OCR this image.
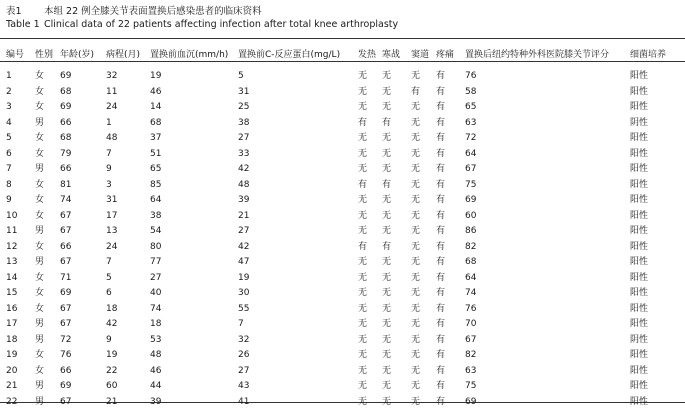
表1 本组 22 例全膝关节表面置换后感染患者的临床资料
Table 1 Clinical data of 22 patients affecting infection after total knee arthroplasty
编号 性别 年龄(岁) 病程(月) 置换前血沉(mm/h) 置换前C-反应蛋白(mg/L) 发热 寒战 窦道 疼痛 置换后纽约特种外科医院膝关节评分 细菌培养
1	女 69	32	19	5	无 无 无 有 76	阳性
2	女 68	11	46	31	无 无 有 有 58	阳性
3	女 69	24	14	25	无 无 无 有 65	阳性
4	男 66	1	68	38	有 有 无 有 63	阴性
5	女 68	48	37	27	无 无 无 有 72	阳性
6	女 79	7	51	33	无 无 无 有 64	阳性
7	男 66	9	65	42	无 无 无 有 67	阳性
8	女 81	3	85	48	有 有 无 有 75	阳性
9	女 74	31	64	39	无 无 无 有 69	阳性
10 女 67	17	38	21	无 无 无 有 60	阳性
11 男 67	13	54	27	无 无 无 有 86	阳性
12 女 66	24	80	42	有 有 无 有 82	阳性
13 男 67	7	77	47	无 无 无 有 68	阳性
14 女 71	5	27	19	无 无 无 有 64	阳性
15 女 69	6	40	30	无 无 无 有 74	阳性
16 女 67	18	74	55	无 无 无 有 76	阳性
17 男 67	42	18	7	无 无 无 有 70	阳性
18 男 72	9	53	32	无 无 无 有 67	阴性
19 女 76	19	48	26	无 无 无 有 82	阳性
20 女 66	22	46	27	无 无 无 有 63	阳性
21 男 69	60	44	43	无 无 无 有 75	阳性
22 男 67	21	39	41	无 无 无 有 69	阳性
